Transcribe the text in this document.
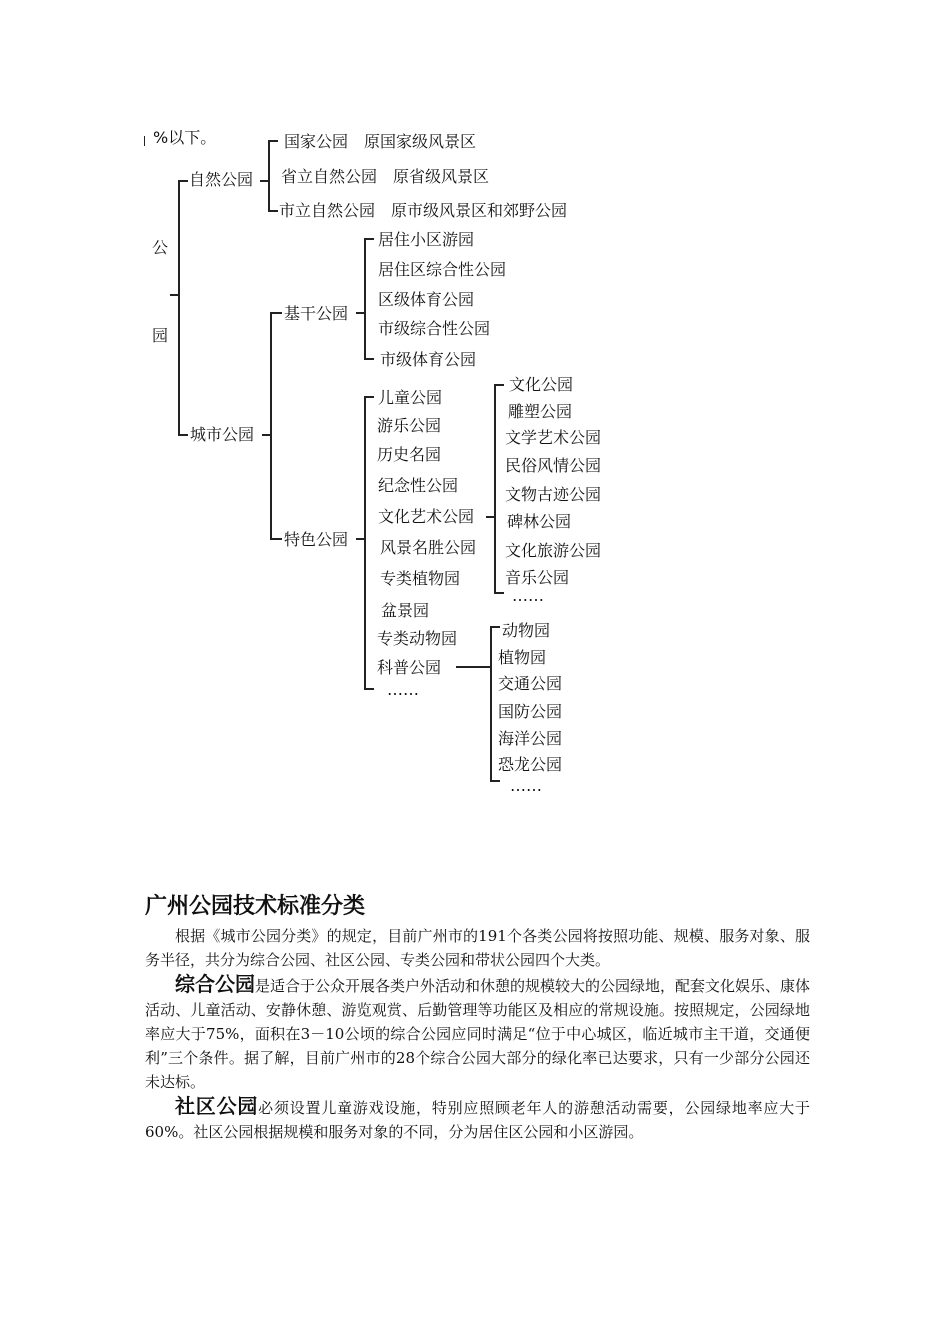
%以下。
公
园
自然公园
国家公园　原国家级风景区
省立自然公园　原省级风景区
市立自然公园　原市级风景区和郊野公园
城市公园
基干公园
居住小区游园
居住区综合性公园
区级体育公园
市级综合性公园
市级体育公园
特色公园
儿童公园
游乐公园
历史名园
纪念性公园
文化艺术公园
风景名胜公园
专类植物园
盆景园
专类动物园
科普公园
……
文化公园
雕塑公园
文学艺术公园
民俗风情公园
文物古迹公园
碑林公园
文化旅游公园
音乐公园
……
动物园
植物园
交通公园
国防公园
海洋公园
恐龙公园
……
广州公园技术标准分类

根据《城市公园分类》的规定，目前广州市的191个各类公园将按照功能、规模、服务对象、服务半径，共分为综合公园、社区公园、专类公园和带状公园四个大类。

综合公园是适合于公众开展各类户外活动和休憩的规模较大的公园绿地，配套文化娱乐、康体活动、儿童活动、安静休憩、游览观赏、后勤管理等功能区及相应的常规设施。按照规定，公园绿地率应大于75%，面积在3－10公顷的综合公园应同时满足“位于中心城区，临近城市主干道，交通便利”三个条件。据了解，目前广州市的28个综合公园大部分的绿化率已达要求，只有一少部分公园还未达标。

社区公园必须设置儿童游戏设施，特别应照顾老年人的游憩活动需要，公园绿地率应大于60%。社区公园根据规模和服务对象的不同，分为居住区公园和小区游园。
